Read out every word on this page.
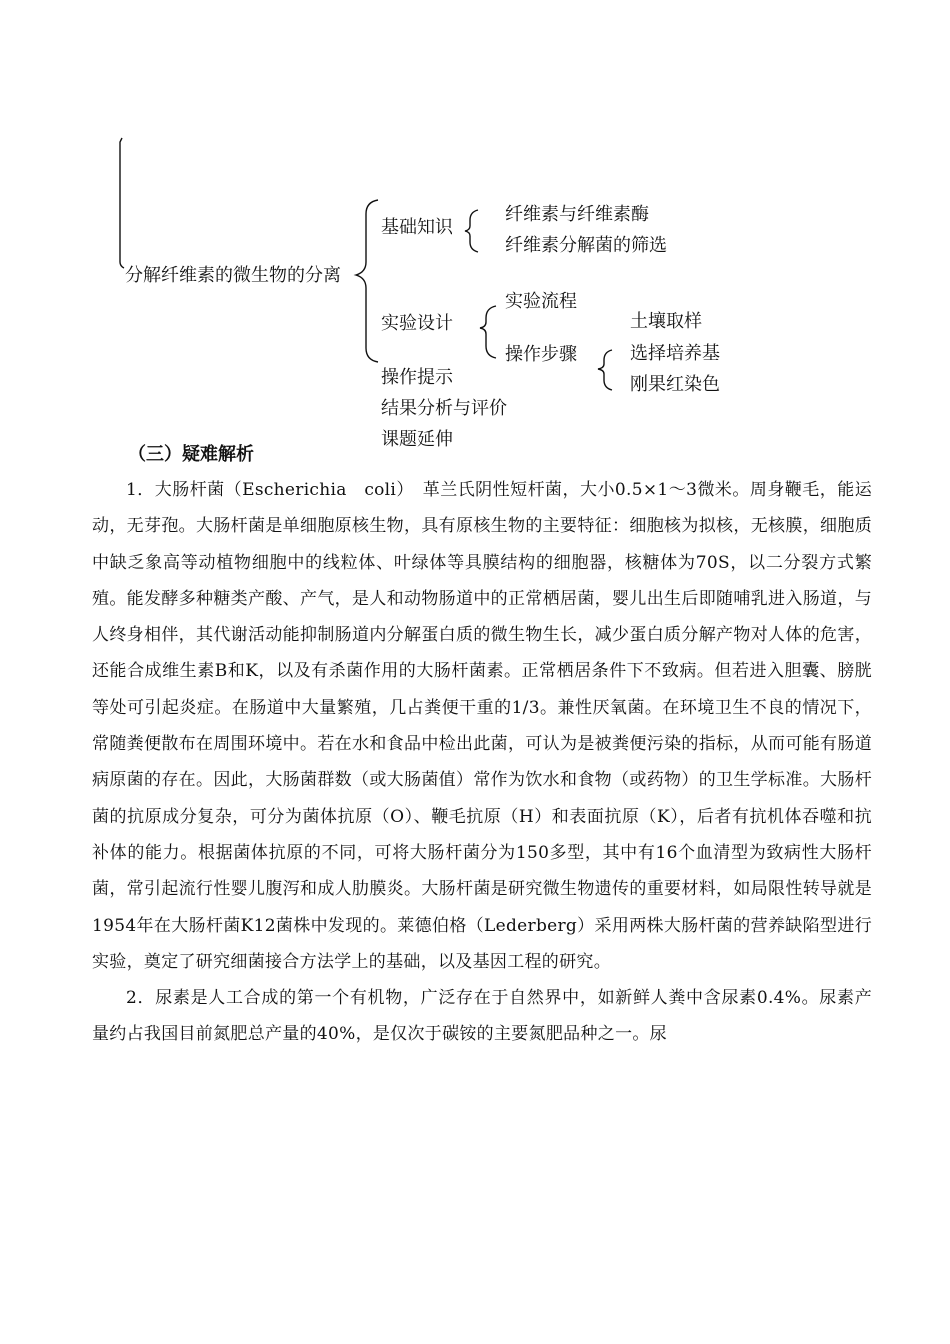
分解纤维素的微生物的分离
基础知识
纤维素与纤维素酶
纤维素分解菌的筛选
实验设计
实验流程
操作步骤
土壤取样
选择培养基
刚果红染色
操作提示
结果分析与评价
课题延伸
（三）疑难解析

1．大肠杆菌（Escherichia　coli）　革兰氏阴性短杆菌，大小0.5×1～3微米。周身鞭毛，能运动，无芽孢。大肠杆菌是单细胞原核生物，具有原核生物的主要特征：细胞核为拟核，无核膜，细胞质中缺乏象高等动植物细胞中的线粒体、叶绿体等具膜结构的细胞器，核糖体为70S，以二分裂方式繁殖。能发酵多种糖类产酸、产气，是人和动物肠道中的正常栖居菌，婴儿出生后即随哺乳进入肠道，与人终身相伴，其代谢活动能抑制肠道内分解蛋白质的微生物生长，减少蛋白质分解产物对人体的危害，还能合成维生素B和K，以及有杀菌作用的大肠杆菌素。正常栖居条件下不致病。但若进入胆囊、膀胱等处可引起炎症。在肠道中大量繁殖，几占粪便干重的1/3。兼性厌氧菌。在环境卫生不良的情况下，常随粪便散布在周围环境中。若在水和食品中检出此菌，可认为是被粪便污染的指标，从而可能有肠道病原菌的存在。因此，大肠菌群数（或大肠菌值）常作为饮水和食物（或药物）的卫生学标准。大肠杆菌的抗原成分复杂，可分为菌体抗原（O）、鞭毛抗原（H）和表面抗原（K），后者有抗机体吞噬和抗补体的能力。根据菌体抗原的不同，可将大肠杆菌分为150多型，其中有16个血清型为致病性大肠杆菌，常引起流行性婴儿腹泻和成人肋膜炎。大肠杆菌是研究微生物遗传的重要材料，如局限性转导就是1954年在大肠杆菌K12菌株中发现的。莱德伯格（Lederberg）采用两株大肠杆菌的营养缺陷型进行实验，奠定了研究细菌接合方法学上的基础，以及基因工程的研究。

2．尿素是人工合成的第一个有机物，广泛存在于自然界中，如新鲜人粪中含尿素0.4%。尿素产量约占我国目前氮肥总产量的40%，是仅次于碳铵的主要氮肥品种之一。尿
